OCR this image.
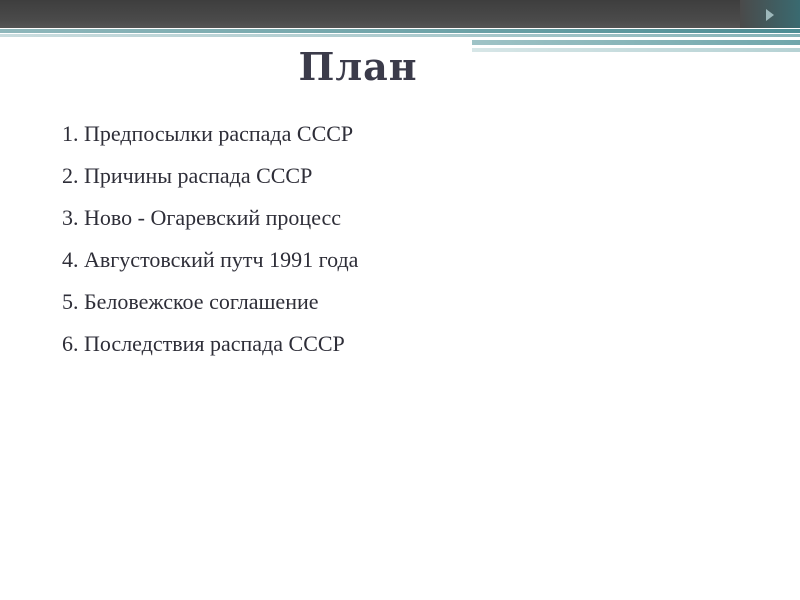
План
1. Предпосылки распада СССР
2. Причины распада СССР
3. Ново - Огаревский процесс
4. Августовский путч 1991 года
5. Беловежское соглашение
6. Последствия распада СССР
